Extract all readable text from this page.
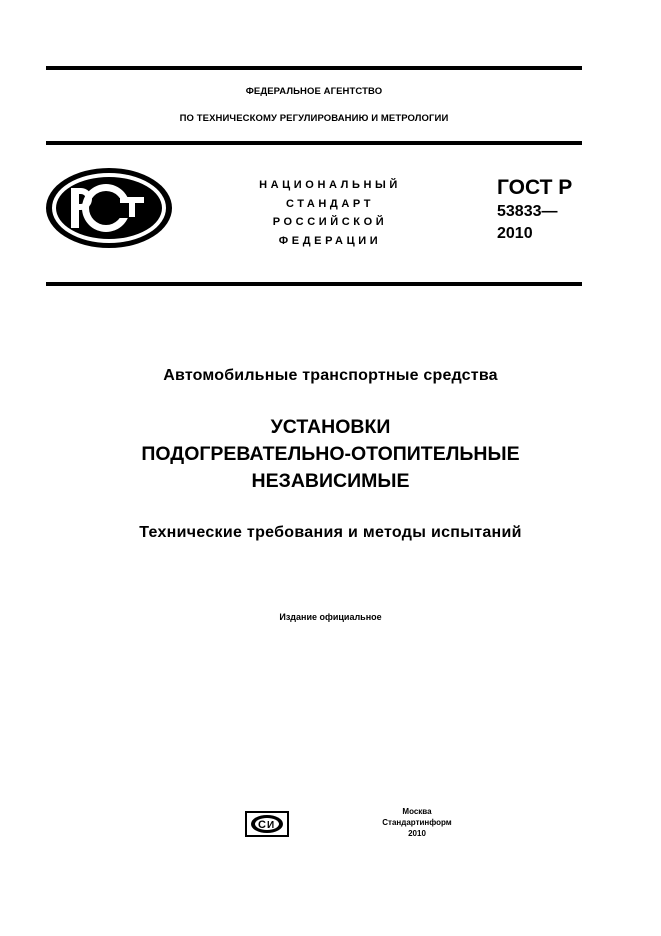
ФЕДЕРАЛЬНОЕ АГЕНТСТВО
ПО ТЕХНИЧЕСКОМУ РЕГУЛИРОВАНИЮ И МЕТРОЛОГИИ
НАЦИОНАЛЬНЫЙ
СТАНДАРТ
РОССИЙСКОЙ
ФЕДЕРАЦИИ
ГОСТ Р
53833—
2010
Автомобильные транспортные средства
УСТАНОВКИ
ПОДОГРЕВАТЕЛЬНО-ОТОПИТЕЛЬНЫЕ
НЕЗАВИСИМЫЕ
Технические требования и методы испытаний
Издание официальное
С И
Москва
Стандартинформ
2010
